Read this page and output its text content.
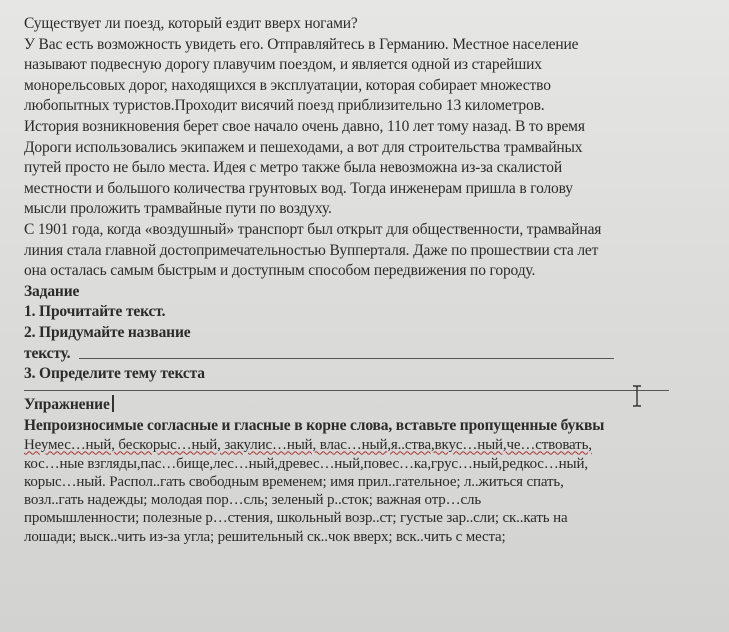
Существует ли поезд, который ездит вверх ногами?
У Вас есть возможность увидеть его. Отправляйтесь в Германию. Местное население
называют подвесную дорогу плавучим поездом, и является одной из старейших
монорельсовых дорог, находящихся в эксплуатации, которая собирает множество
любопытных туристов.Проходит висячий поезд приблизительно 13 километров.
История возникновения берет свое начало очень давно, 110 лет тому назад. В то время
Дороги использовались экипажем и пешеходами, а вот для строительства трамвайных
путей просто не было места. Идея с метро также была невозможна из-за скалистой
местности и большого количества грунтовых вод. Тогда инженерам пришла в голову
мысли проложить трамвайные пути по воздуху.
С 1901 года, когда «воздушный» транспорт был открыт для общественности, трамвайная
линия стала главной достопримечательностью Вупперталя. Даже по прошествии ста лет
она осталась самым быстрым и доступным способом передвижения по городу.
Задание
1. Прочитайте текст.
2. Придумайте название
тексту.
3. Определите тему текста
Упражнение
Непроизносимые согласные и гласные в корне слова, вставьте пропущенные буквы
Неумес…ный, бескорыс…ный, закулис…ный, влас…ный,я..ства,вкус…ный,че…ствовать,
кос…ные взгляды,пас…бище,лес…ный,древес…ный,повес…ка,грус…ный,редкос…ный,
корыс…ный. Распол..гать свободным временем; имя прил..гательное; л..житься спать,
возл..гать надежды; молодая пор…сль; зеленый р..сток; важная отр…сль
промышленности; полезные р…стения, школьный возр..ст; густые зар..сли; ск..кать на
лошади; выск..чить из-за угла; решительный ск..чок вверх; вск..чить с места;
